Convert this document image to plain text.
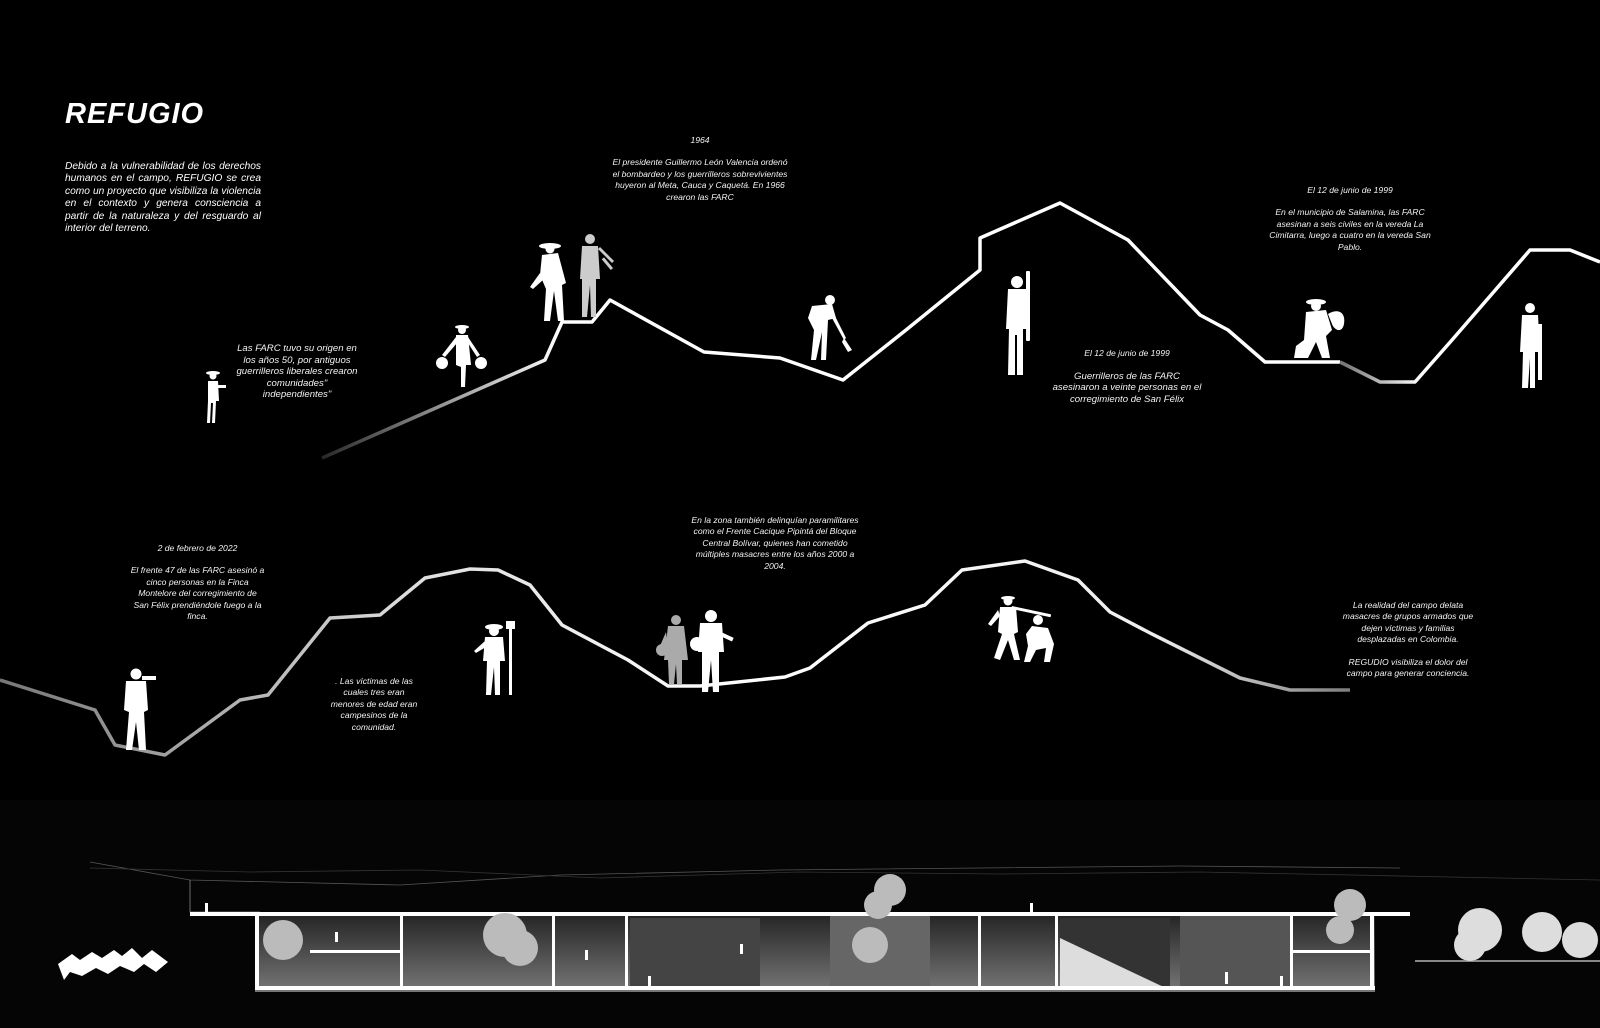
REFUGIO

Debido a la vulnerabilidad de los derechos humanos en el campo, REFUGIO se crea como un proyecto que visibiliza la violencia en el contexto y genera consciencia a partir de la naturaleza y del resguardo al interior del terreno.

Las FARC tuvo su origen en los años 50, por antiguos guerrilleros liberales crearon comunidades" independientes"

1964
El presidente Guillermo León Valencia ordenó el bombardeo y los guerrilleros sobrevivientes huyeron al Meta, Cauca y Caquetá. En 1966 crearon las FARC
El 12 de junio de 1999
En el municipio de Salamina, las FARC asesinan a seis civiles en la vereda La Cimitarra, luego a cuatro en la vereda San Pablo.
El 12 de junio de 1999
Guerrilleros de las FARC asesinaron a veinte personas en el corregimiento de San Félix
2 de febrero de 2022
El frente 47 de las FARC asesinó a cinco personas en la Finca Montelore del corregimiento de San Félix prendiéndole fuego a la finca.

En la zona también delinquían paramilitares como el Frente Cacique Pipintá del Bloque Central Bolívar, quienes han cometido múltiples masacres entre los años 2000 a 2004.

. Las víctimas de las cuales tres eran menores de edad eran campesinos de la comunidad.

La realidad del campo delata masacres de grupos armados que dejen víctimas y familias desplazadas en Colombia.
REGUDIO visibiliza el dolor del campo para generar conciencia.
